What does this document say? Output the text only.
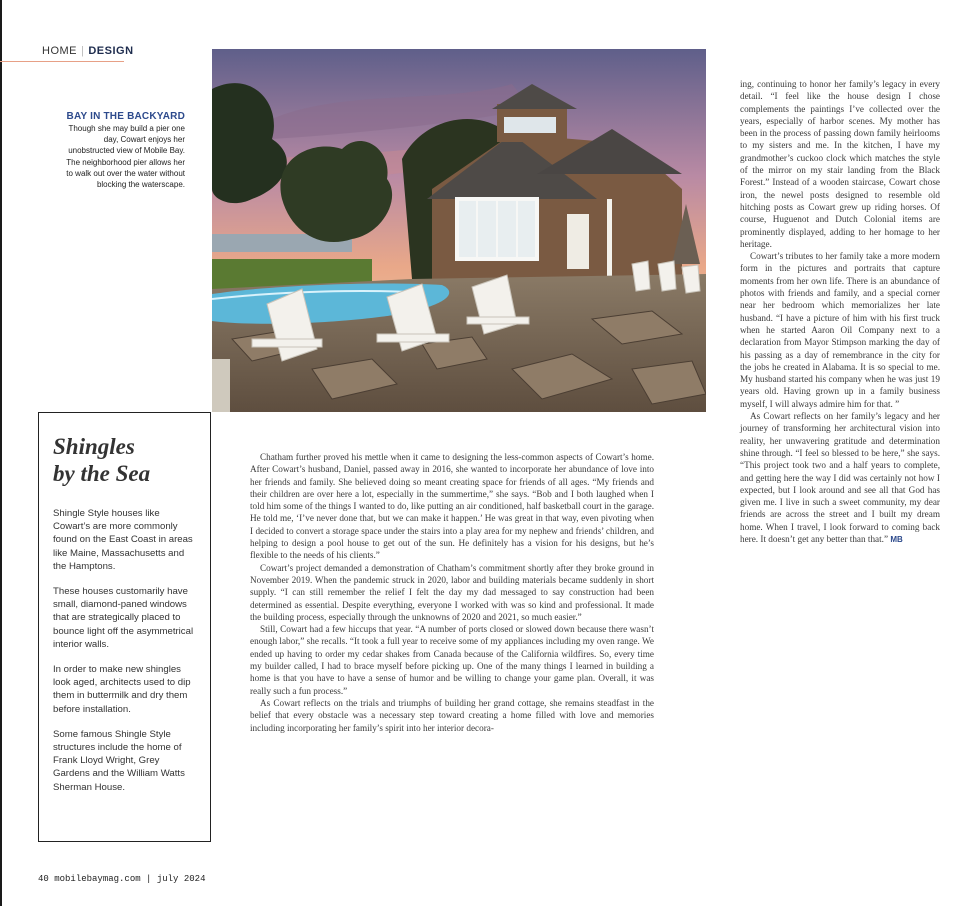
HOME | DESIGN
BAY IN THE BACKYARD
Though she may build a pier one day, Cowart enjoys her unobstructed view of Mobile Bay. The neighborhood pier allows her to walk out over the water without blocking the waterscape.
Shingles
by the Sea

Shingle Style houses like Cowart’s are more commonly found on the East Coast in areas like Maine, Massachusetts and the Hamptons.

These houses customarily have small, diamond-paned windows that are strategically placed to bounce light off the asymmetrical interior walls.

In order to make new shingles look aged, architects used to dip them in buttermilk and dry them before installation.

Some famous Shingle Style structures include the home of Frank Lloyd Wright, Grey Gardens and the William Watts Sherman House.

Chatham further proved his mettle when it came to designing the less-common aspects of Cowart’s home. After Cowart’s husband, Daniel, passed away in 2016, she wanted to incorporate her abundance of love into her friends and family. She believed doing so meant creating space for friends of all ages. “My friends and their children are over here a lot, especially in the summertime,” she says. “Bob and I both laughed when I told him some of the things I wanted to do, like putting an air conditioned, half basketball court in the garage. He told me, ‘I’ve never done that, but we can make it happen.’ He was great in that way, even pivoting when I decided to convert a storage space under the stairs into a play area for my nephew and friends’ children, and helping to design a pool house to get out of the sun. He definitely has a vision for his designs, but he’s flexible to the needs of his clients.”

Cowart’s project demanded a demonstration of Chatham’s commitment shortly after they broke ground in November 2019. When the pandemic struck in 2020, labor and building materials became suddenly in short supply. “I can still remember the relief I felt the day my dad messaged to say construction had been determined as essential. Despite everything, everyone I worked with was so kind and professional. It made the building process, especially through the unknowns of 2020 and 2021, so much easier.”

Still, Cowart had a few hiccups that year. “A number of ports closed or slowed down because there wasn’t enough labor,” she recalls. “It took a full year to receive some of my appliances including my oven range. We ended up having to order my cedar shakes from Canada because of the California wildfires. So, every time my builder called, I had to brace myself before picking up. One of the many things I learned in building a home is that you have to have a sense of humor and be willing to change your game plan. Overall, it was really such a fun process.”

As Cowart reflects on the trials and triumphs of building her grand cottage, she remains steadfast in the belief that every obstacle was a necessary step toward creating a home filled with love and memories including incorporating her family’s spirit into her interior decora-

ing, continuing to honor her family’s legacy in every detail. “I feel like the house design I chose complements the paintings I’ve collected over the years, especially of harbor scenes. My mother has been in the process of passing down family heirlooms to my sisters and me. In the kitchen, I have my grandmother’s cuckoo clock which matches the style of the mirror on my stair landing from the Black Forest.” Instead of a wooden staircase, Cowart chose iron, the newel posts designed to resemble old hitching posts as Cowart grew up riding horses. Of course, Huguenot and Dutch Colonial items are prominently displayed, adding to her homage to her heritage.

Cowart’s tributes to her family take a more modern form in the pictures and portraits that capture moments from her own life. There is an abundance of photos with friends and family, and a special corner near her bedroom which memorializes her late husband. “I have a picture of him with his first truck when he started Aaron Oil Company next to a declaration from Mayor Stimpson marking the day of his passing as a day of remembrance in the city for the jobs he created in Alabama. It is so special to me. My husband started his company when he was just 19 years old. Having grown up in a family business myself, I will always admire him for that. ”

As Cowart reflects on her family’s legacy and her journey of transforming her architectural vision into reality, her unwavering gratitude and determination shine through. “I feel so blessed to be here,” she says. “This project took two and a half years to complete, and getting here the way I did was certainly not how I expected, but I look around and see all that God has given me. I live in such a sweet community, my dear friends are across the street and I built my dream home. When I travel, I look forward to coming back here. It doesn’t get any better than that.” MB

40 mobilebaymag.com | july 2024
